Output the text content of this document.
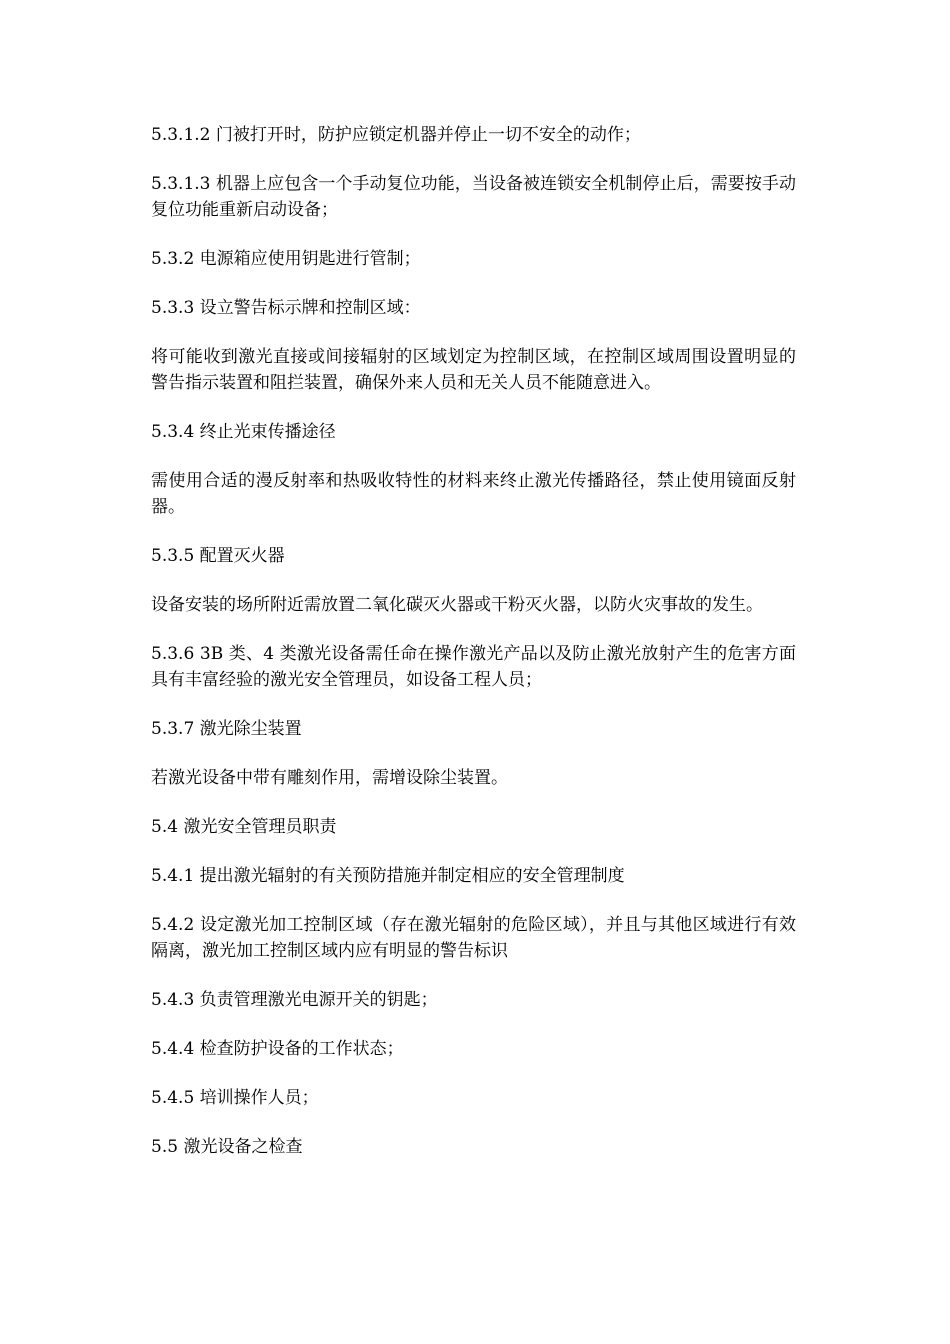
5.3.1.2 门被打开时，防护应锁定机器并停止一切不安全的动作；

5.3.1.3 机器上应包含一个手动复位功能，当设备被连锁安全机制停止后，需要按手动复位功能重新启动设备；

5.3.2 电源箱应使用钥匙进行管制；

5.3.3 设立警告标示牌和控制区域：

将可能收到激光直接或间接辐射的区域划定为控制区域，在控制区域周围设置明显的警告指示装置和阻拦装置，确保外来人员和无关人员不能随意进入。

5.3.4 终止光束传播途径

需使用合适的漫反射率和热吸收特性的材料来终止激光传播路径，禁止使用镜面反射器。

5.3.5 配置灭火器

设备安装的场所附近需放置二氧化碳灭火器或干粉灭火器，以防火灾事故的发生。

5.3.6 3B 类、4 类激光设备需任命在操作激光产品以及防止激光放射产生的危害方面具有丰富经验的激光安全管理员，如设备工程人员；

5.3.7 激光除尘装置

若激光设备中带有雕刻作用，需增设除尘装置。

5.4 激光安全管理员职责

5.4.1 提出激光辐射的有关预防措施并制定相应的安全管理制度

5.4.2 设定激光加工控制区域（存在激光辐射的危险区域），并且与其他区域进行有效隔离，激光加工控制区域内应有明显的警告标识

5.4.3 负责管理激光电源开关的钥匙；

5.4.4 检查防护设备的工作状态；

5.4.5 培训操作人员；

5.5 激光设备之检查
